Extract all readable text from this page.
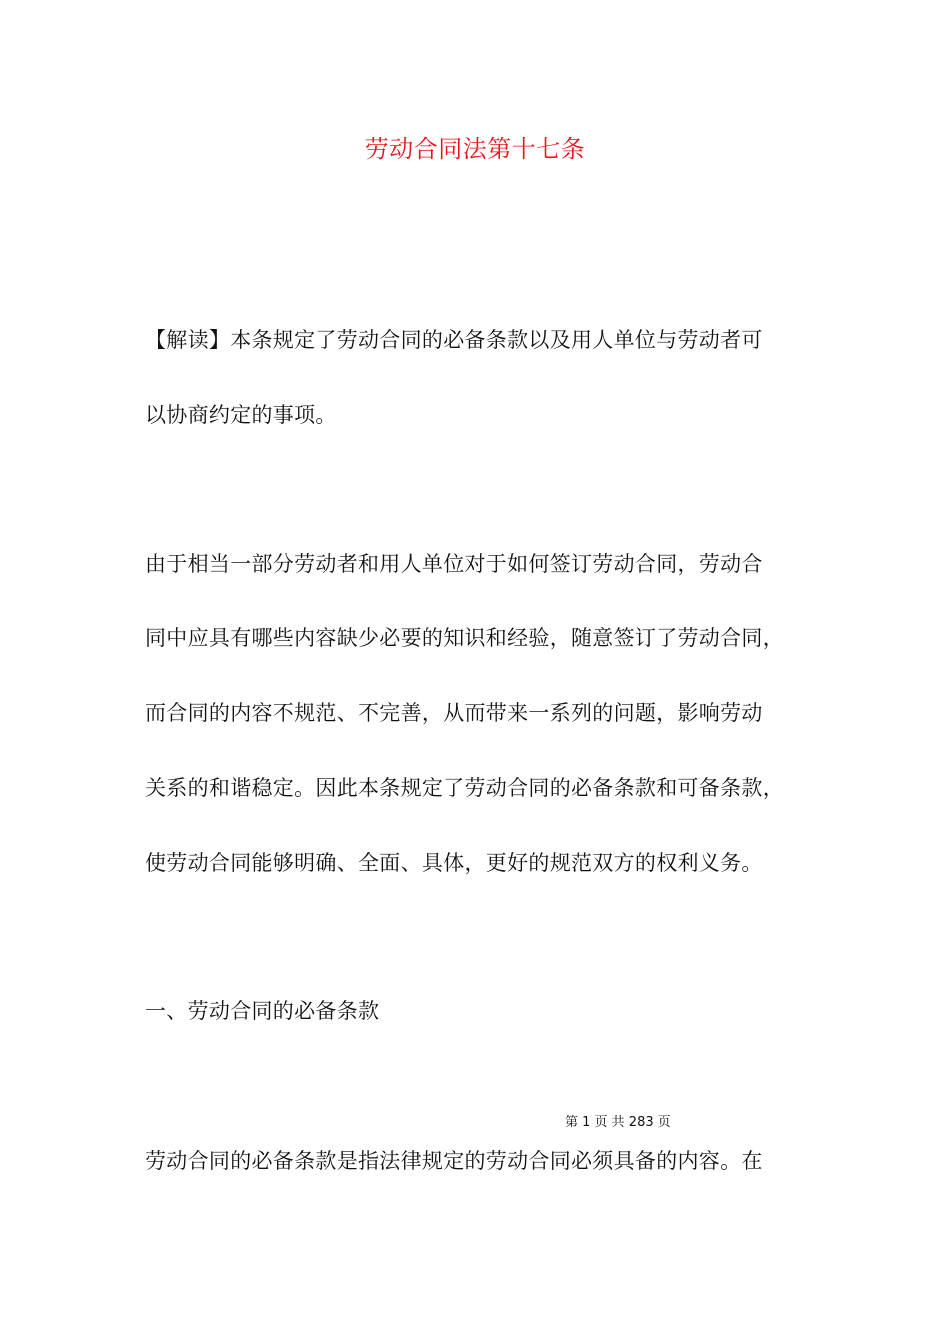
劳动合同法第十七条
【解读】本条规定了劳动合同的必备条款以及用人单位与劳动者可
以协商约定的事项。
由于相当一部分劳动者和用人单位对于如何签订劳动合同，劳动合
同中应具有哪些内容缺少必要的知识和经验，随意签订了劳动合同，
而合同的内容不规范、不完善，从而带来一系列的问题，影响劳动
关系的和谐稳定。因此本条规定了劳动合同的必备条款和可备条款，
使劳动合同能够明确、全面、具体，更好的规范双方的权利义务。
一、劳动合同的必备条款
第 1 页 共 283 页
劳动合同的必备条款是指法律规定的劳动合同必须具备的内容。在
